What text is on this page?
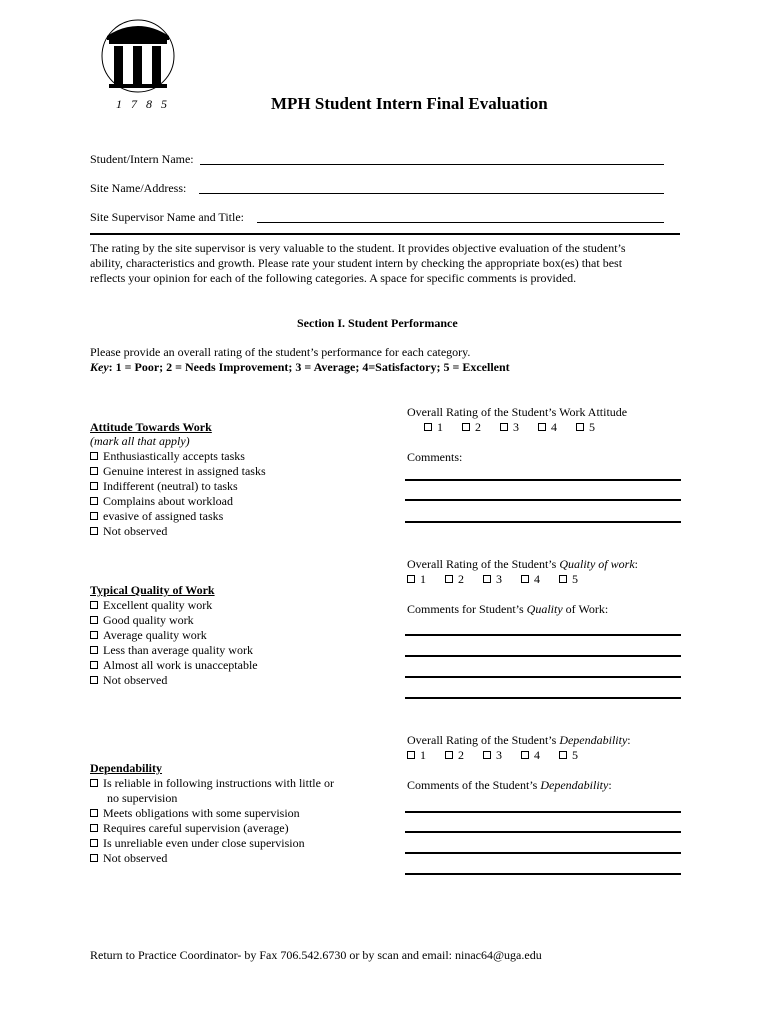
1785	MPH Student Intern Final Evaluation
Student/Intern Name:
Site Name/Address:
Site Supervisor Name and Title:
The rating by the site supervisor is very valuable to the student. It provides objective evaluation of the student’s
ability, characteristics and growth. Please rate your student intern by checking the appropriate box(es) that best
reflects your opinion for each of the following categories. A space for specific comments is provided.
Section I. Student Performance
Please provide an overall rating of the student’s performance for each category.
Key: 1 = Poor; 2 = Needs Improvement; 3 = Average; 4=Satisfactory; 5 = Excellent
Attitude Towards Work
(mark all that apply)
Enthusiastically accepts tasks
Genuine interest in assigned tasks
Indifferent (neutral) to tasks
Complains about workload
evasive of assigned tasks
Not observed
Overall Rating of the Student’s Work Attitude
1	2	3	4	5
Comments:
Overall Rating of the Student’s Quality of work:
1	2	3	4	5
Typical Quality of Work
Excellent quality work
Good quality work
Average quality work
Less than average quality work
Almost all work is unacceptable
Not observed
Comments for Student’s Quality of Work:
Overall Rating of the Student’s Dependability:
1	2	3	4	5
Dependability
Is reliable in following instructions with little or
no supervision
Meets obligations with some supervision
Requires careful supervision (average)
Is unreliable even under close supervision
Not observed
Comments of the Student’s Dependability:
Return to Practice Coordinator- by Fax 706.542.6730 or by scan and email: ninac64@uga.edu
